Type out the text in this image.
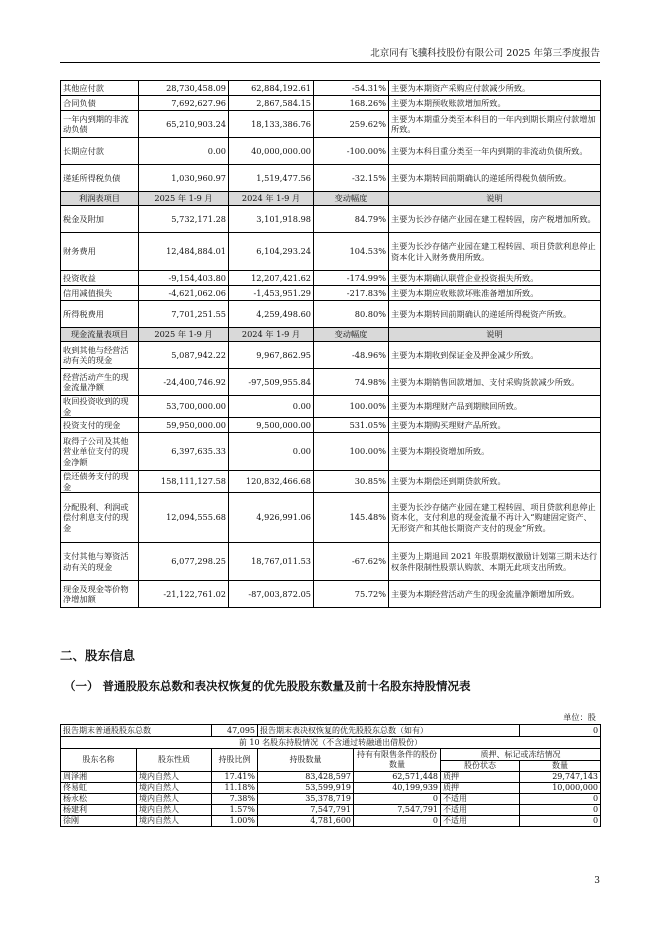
北京同有飞骥科技股份有限公司 2025 年第三季度报告
其他应付款	28,730,458.09	62,884,192.61	-54.31%	主要为本期资产采购应付款减少所致。
合同负债	7,692,627.96	2,867,584.15	168.26%	主要为本期预收账款增加所致。
一年内到期的非流动负债	65,210,903.24	18,133,386.76	259.62%	主要为本期重分类至本科目的一年内到期长期应付款增加所致。
长期应付款	0.00	40,000,000.00	-100.00%	主要为本科目重分类至一年内到期的非流动负债所致。
递延所得税负债	1,030,960.97	1,519,477.56	-32.15%	主要为本期转回前期确认的递延所得税负债所致。
利润表项目	2025 年 1-9 月	2024 年 1-9 月	变动幅度	说明
税金及附加	5,732,171.28	3,101,918.98	84.79%	主要为长沙存储产业园在建工程转固，房产税增加所致。
财务费用	12,484,884.01	6,104,293.24	104.53%	主要为长沙存储产业园在建工程转固、项目贷款利息停止资本化计入财务费用所致。
投资收益	-9,154,403.80	12,207,421.62	-174.99%	主要为本期确认联营企业投资损失所致。
信用减值损失	-4,621,062.06	-1,453,951.29	-217.83%	主要为本期应收账款坏账准备增加所致。
所得税费用	7,701,251.55	4,259,498.60	80.80%	主要为本期转回前期确认的递延所得税资产所致。
现金流量表项目	2025 年 1-9 月	2024 年 1-9 月	变动幅度	说明
收到其他与经营活动有关的现金	5,087,942.22	9,967,862.95	-48.96%	主要为本期收到保证金及押金减少所致。
经营活动产生的现金流量净额	-24,400,746.92	-97,509,955.84	74.98%	主要为本期销售回款增加、支付采购货款减少所致。
收回投资收到的现金	53,700,000.00	0.00	100.00%	主要为本期理财产品到期赎回所致。
投资支付的现金	59,950,000.00	9,500,000.00	531.05%	主要为本期购买理财产品所致。
取得子公司及其他营业单位支付的现金净额	6,397,635.33	0.00	100.00%	主要为本期投资增加所致。
偿还债务支付的现金	158,111,127.58	120,832,466.68	30.85%	主要为本期偿还到期贷款所致。
分配股利、利润或偿付利息支付的现金	12,094,555.68	4,926,991.06	145.48%	主要为长沙存储产业园在建工程转固、项目贷款利息停止资本化，支付利息的现金流量不再计入“购建固定资产、无形资产和其他长期资产支付的现金”所致。
支付其他与筹资活动有关的现金	6,077,298.25	18,767,011.53	-67.62%	主要为上期退回 2021 年股票期权激励计划第三期未达行权条件限制性股票认购款、本期无此项支出所致。
现金及现金等价物净增加额	-21,122,761.02	-87,003,872.05	75.72%	主要为本期经营活动产生的现金流量净额增加所致。
二、股东信息
（一） 普通股股东总数和表决权恢复的优先股股东数量及前十名股东持股情况表
单位：股
报告期末普通股股东总数		47,095	报告期末表决权恢复的优先股股东总数（如有）			0
前 10 名股东持股情况（不含通过转融通出借股份）						
股东名称	股东性质	持股比例	持股数量	持有有限售条件的股份数量	质押、标记或冻结情况	
					股份状态	数量
周泽湘	境内自然人	17.41%	83,428,597	62,571,448	质押	29,747,143
佟易虹	境内自然人	11.18%	53,599,919	40,199,939	质押	10,000,000
杨永松	境内自然人	7.38%	35,378,719	0	不适用	0
杨建利	境内自然人	1.57%	7,547,791	7,547,791	不适用	0
徐刚	境内自然人	1.00%	4,781,600	0	不适用	0
3
